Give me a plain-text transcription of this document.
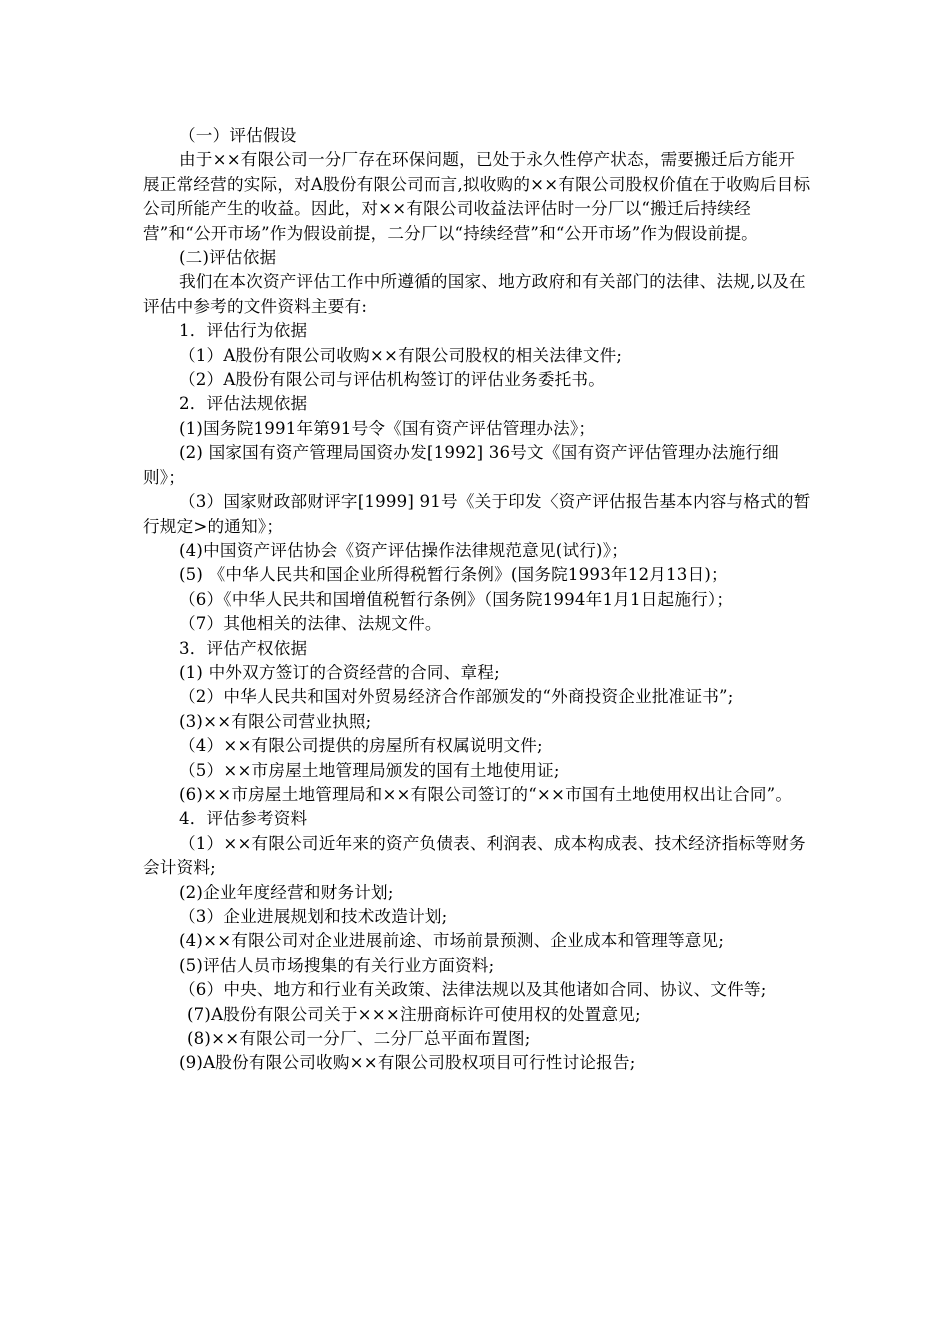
（一）评估假设

由于××有限公司一分厂存在环保问题，已处于永久性停产状态，需要搬迁后方能开展正常经营的实际，对A股份有限公司而言,拟收购的××有限公司股权价值在于收购后目标公司所能产生的收益。因此，对××有限公司收益法评估时一分厂以“搬迁后持续经营”和“公开市场”作为假设前提，二分厂以“持续经营”和“公开市场”作为假设前提。

(二)评估依据

我们在本次资产评估工作中所遵循的国家、地方政府和有关部门的法律、法规,以及在评估中参考的文件资料主要有:

1．评估行为依据

（1）A股份有限公司收购××有限公司股权的相关法律文件;

（2）A股份有限公司与评估机构签订的评估业务委托书。

2．评估法规依据

(1)国务院1991年第91号令《国有资产评估管理办法》；

(2) 国家国有资产管理局国资办发[1992] 36号文《国有资产评估管理办法施行细则》；

（3）国家财政部财评字[1999] 91号《关于印发〈资产评估报告基本内容与格式的暂行规定>的通知》；

(4)中国资产评估协会《资产评估操作法律规范意见(试行)》；

(5) 《中华人民共和国企业所得税暂行条例》(国务院1993年12月13日)；

（6）《中华人民共和国增值税暂行条例》（国务院1994年1月1日起施行）；

（7）其他相关的法律、法规文件。

3．评估产权依据

(1) 中外双方签订的合资经营的合同、章程;

（2）中华人民共和国对外贸易经济合作部颁发的“外商投资企业批准证书”;

(3)××有限公司营业执照;

（4）××有限公司提供的房屋所有权属说明文件;

（5）××市房屋土地管理局颁发的国有土地使用证;

(6)××市房屋土地管理局和××有限公司签订的“××市国有土地使用权出让合同”。

4．评估参考资料

（1）××有限公司近年来的资产负债表、利润表、成本构成表、技术经济指标等财务会计资料;

(2)企业年度经营和财务计划;

（3）企业进展规划和技术改造计划;

(4)××有限公司对企业进展前途、市场前景预测、企业成本和管理等意见;

(5)评估人员市场搜集的有关行业方面资料;

（6）中央、地方和行业有关政策、法律法规以及其他诸如合同、协议、文件等;

(7)A股份有限公司关于×××注册商标许可使用权的处置意见;

(8)××有限公司一分厂、二分厂总平面布置图;

(9)A股份有限公司收购××有限公司股权项目可行性讨论报告;
